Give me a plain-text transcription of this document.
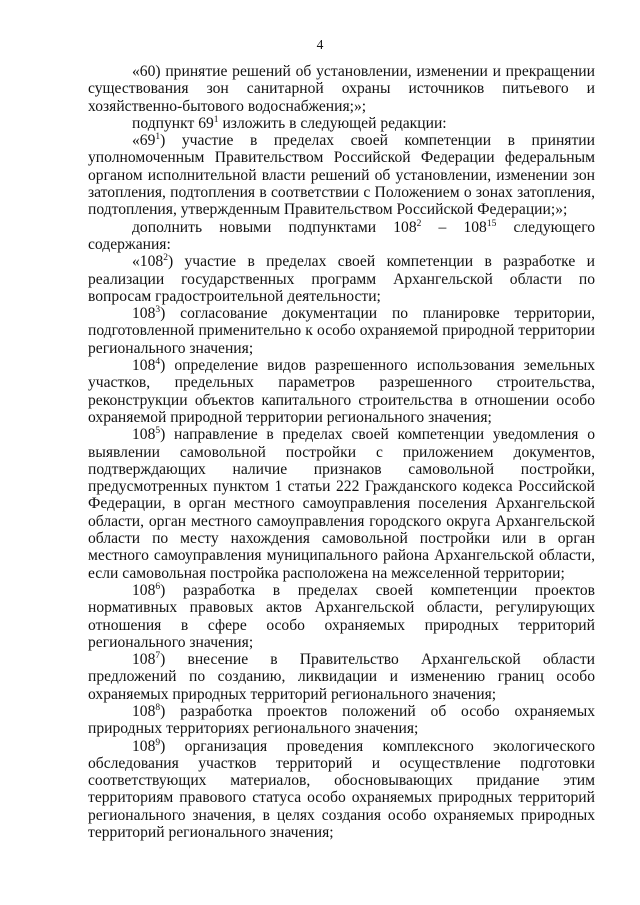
4

«60) принятие решений об установлении, изменении и прекращении существования зон санитарной охраны источников питьевого и хозяйственно-бытового водоснабжения;»;

подпункт $69^1$ изложить в следующей редакции:

«$69^1$) участие в пределах своей компетенции в принятии уполномоченным Правительством Российской Федерации федеральным органом исполнительной власти решений об установлении, изменении зон затопления, подтопления в соответствии с Положением о зонах затопления, подтопления, утвержденным Правительством Российской Федерации;»;

дополнить новыми подпунктами $108^2 - 108^{15}$ следующего содержания:

«$108^2$) участие в пределах своей компетенции в разработке и реализации государственных программ Архангельской области по вопросам градостроительной деятельности;

$108^3$) согласование документации по планировке территории, подготовленной применительно к особо охраняемой природной территории регионального значения;

$108^4$) определение видов разрешенного использования земельных участков, предельных параметров разрешенного строительства, реконструкции объектов капитального строительства в отношении особо охраняемой природной территории регионального значения;

$108^5$) направление в пределах своей компетенции уведомления о выявлении самовольной постройки с приложением документов, подтверждающих наличие признаков самовольной постройки, предусмотренных пунктом 1 статьи 222 Гражданского кодекса Российской Федерации, в орган местного самоуправления поселения Архангельской области, орган местного самоуправления городского округа Архангельской области по месту нахождения самовольной постройки или в орган местного самоуправления муниципального района Архангельской области, если самовольная постройка расположена на межселенной территории;

$108^6$) разработка в пределах своей компетенции проектов нормативных правовых актов Архангельской области, регулирующих отношения в сфере особо охраняемых природных территорий регионального значения;

$108^7$) внесение в Правительство Архангельской области предложений по созданию, ликвидации и изменению границ особо охраняемых природных территорий регионального значения;

$108^8$) разработка проектов положений об особо охраняемых природных территориях регионального значения;

$108^9$) организация проведения комплексного экологического обследования участков территорий и осуществление подготовки соответствующих материалов, обосновывающих придание этим территориям правового статуса особо охраняемых природных территорий регионального значения, в целях создания особо охраняемых природных территорий регионального значения;
